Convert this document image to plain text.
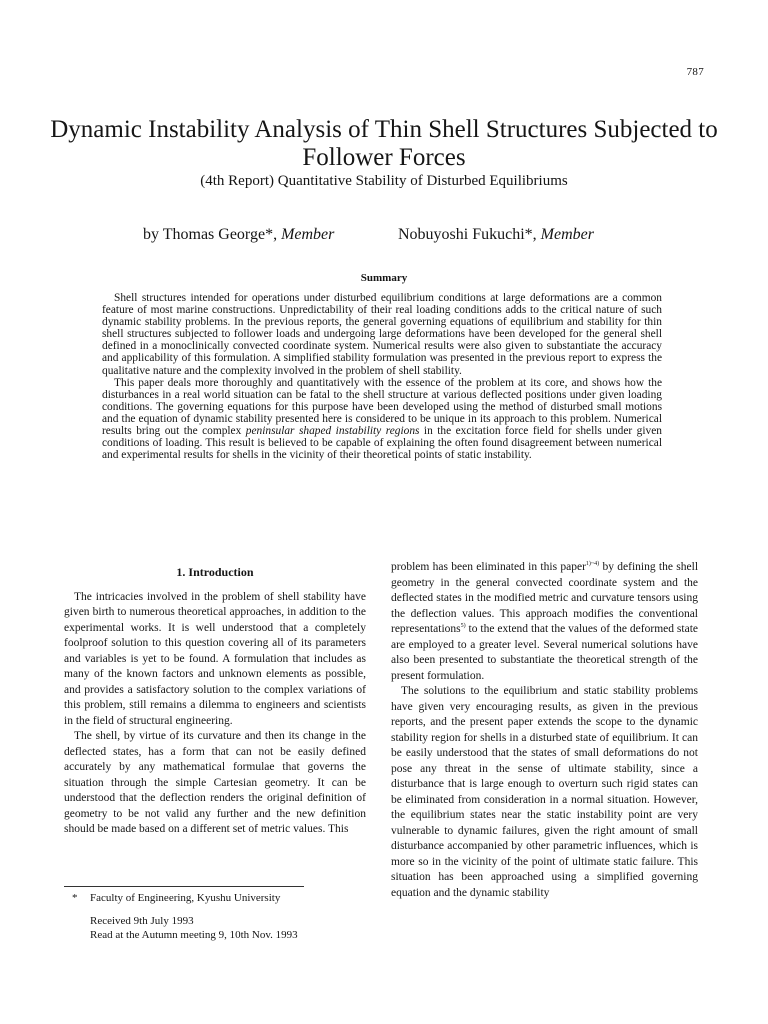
787
Dynamic Instability Analysis of Thin Shell Structures Subjected to Follower Forces
(4th Report) Quantitative Stability of Disturbed Equilibriums
by Thomas George*, Member	Nobuyoshi Fukuchi*, Member
Summary

Shell structures intended for operations under disturbed equilibrium conditions at large deformations are a common feature of most marine constructions. Unpredictability of their real loading conditions adds to the critical nature of such dynamic stability problems. In the previous reports, the general governing equations of equilibrium and stability for thin shell structures subjected to follower loads and undergoing large deformations have been developed for the general shell defined in a monoclinically convected coordinate system. Numerical results were also given to substantiate the accuracy and applicability of this formulation. A simplified stability formulation was presented in the previous report to express the qualitative nature and the complexity involved in the problem of shell stability.

This paper deals more thoroughly and quantitatively with the essence of the problem at its core, and shows how the disturbances in a real world situation can be fatal to the shell structure at various deflected positions under given loading conditions. The governing equations for this purpose have been developed using the method of disturbed small motions and the equation of dynamic stability presented here is considered to be unique in its approach to this problem. Numerical results bring out the complex peninsular shaped instability regions in the excitation force field for shells under given conditions of loading. This result is believed to be capable of explaining the often found disagreement between numerical and experimental results for shells in the vicinity of their theoretical points of static instability.

1. Introduction

The intricacies involved in the problem of shell stability have given birth to numerous theoretical approaches, in addition to the experimental works. It is well understood that a completely foolproof solution to this question covering all of its parameters and variables is yet to be found. A formulation that includes as many of the known factors and unknown elements as possible, and provides a satisfactory solution to the complex variations of this problem, still remains a dilemma to engineers and scientists in the field of structural engineering.

The shell, by virtue of its curvature and then its change in the deflected states, has a form that can not be easily defined accurately by any mathematical formulae that governs the situation through the simple Cartesian geometry. It can be understood that the deflection renders the original definition of geometry to be not valid any further and the new definition should be made based on a different set of metric values. This

problem has been eliminated in this paper$^{1)\sim 4)}$ by defining the shell geometry in the general convected coordinate system and the deflected states in the modified metric and curvature tensors using the deflection values. This approach modifies the conventional representations$^{5)}$ to the extend that the values of the deformed state are employed to a greater level. Several numerical solutions have also been presented to substantiate the theoretical strength of the present formulation.

The solutions to the equilibrium and static stability problems have given very encouraging results, as given in the previous reports, and the present paper extends the scope to the dynamic stability region for shells in a disturbed state of equilibrium. It can be easily understood that the states of small deformations do not pose any threat in the sense of ultimate stability, since a disturbance that is large enough to overturn such rigid states can be eliminated from consideration in a normal situation. However, the equilibrium states near the static instability point are very vulnerable to dynamic failures, given the right amount of small disturbance accompanied by other parametric influences, which is more so in the vicinity of the point of ultimate static failure. This situation has been approached using a simplified governing equation and the dynamic stability

* Faculty of Engineering, Kyushu University

Received 9th July 1993

Read at the Autumn meeting 9, 10th Nov. 1993
